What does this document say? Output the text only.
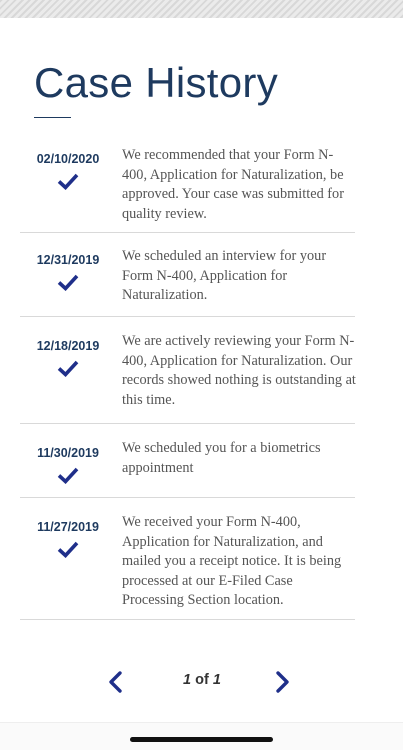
Case History
02/10/2020	We recommended that your Form N-400, Application for Naturalization, be approved. Your case was submitted for quality review.

12/31/2019	We scheduled an interview for your Form N-400, Application for Naturalization.

12/18/2019	We are actively reviewing your Form N-400, Application for Naturalization. Our records showed nothing is outstanding at this time.

11/30/2019	We scheduled you for a biometrics appointment

11/27/2019	We received your Form N-400, Application for Naturalization, and mailed you a receipt notice. It is being processed at our E-Filed Case Processing Section location.

1 of 1
